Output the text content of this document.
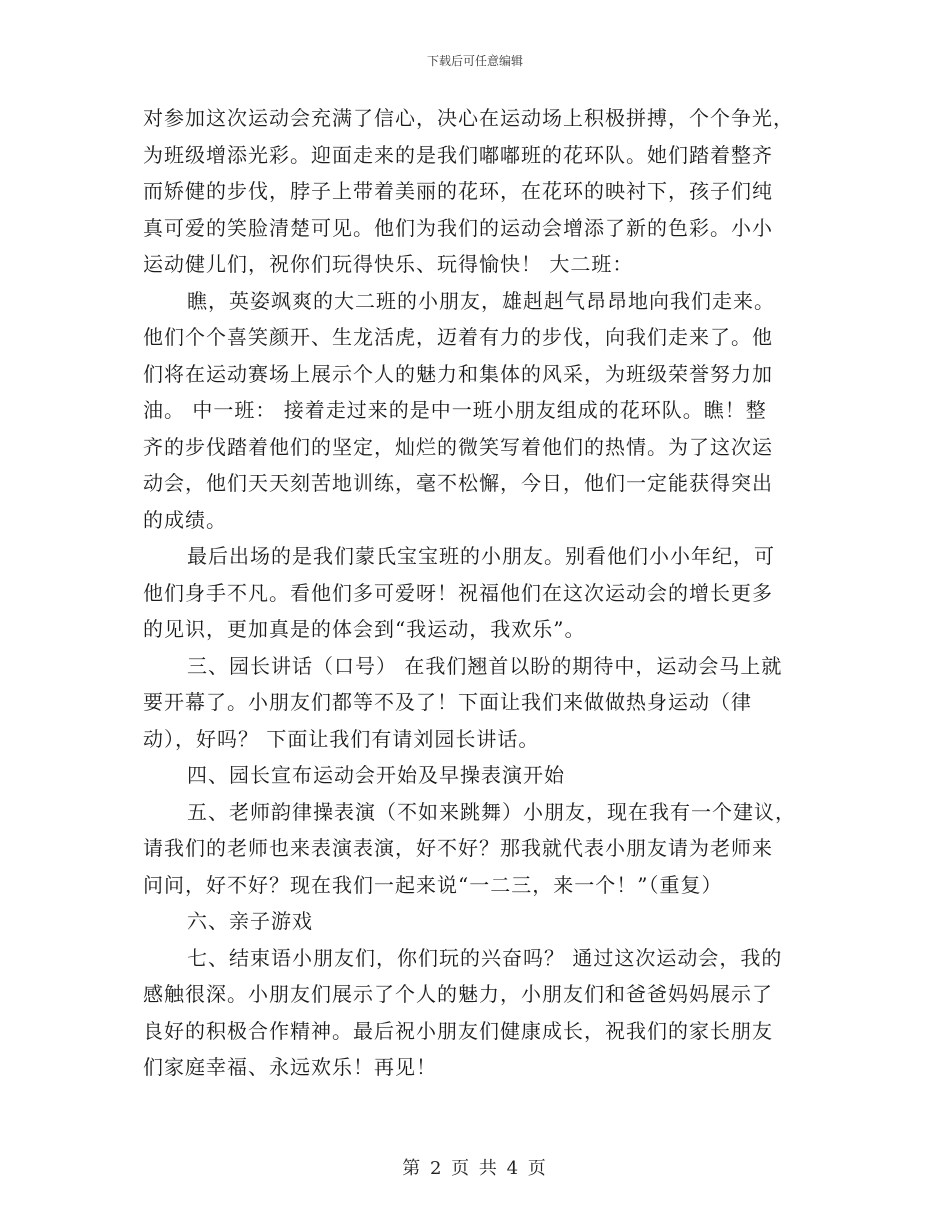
下载后可任意编辑
对参加这次运动会充满了信心，决心在运动场上积极拼搏，个个争光，
为班级增添光彩。迎面走来的是我们嘟嘟班的花环队。她们踏着整齐
而矫健的步伐，脖子上带着美丽的花环，在花环的映衬下，孩子们纯
真可爱的笑脸清楚可见。他们为我们的运动会增添了新的色彩。小小
运动健儿们，祝你们玩得快乐、玩得愉快！ 大二班：
瞧，英姿飒爽的大二班的小朋友，雄赳赳气昂昂地向我们走来。
他们个个喜笑颜开、生龙活虎，迈着有力的步伐，向我们走来了。他
们将在运动赛场上展示个人的魅力和集体的风采，为班级荣誉努力加
油。 中一班： 接着走过来的是中一班小朋友组成的花环队。瞧！整
齐的步伐踏着他们的坚定，灿烂的微笑写着他们的热情。为了这次运
动会，他们天天刻苦地训练，毫不松懈，今日，他们一定能获得突出
的成绩。
最后出场的是我们蒙氏宝宝班的小朋友。别看他们小小年纪，可
他们身手不凡。看他们多可爱呀！祝福他们在这次运动会的增长更多
的见识，更加真是的体会到“我运动，我欢乐”。
三、园长讲话（口号） 在我们翘首以盼的期待中，运动会马上就
要开幕了。小朋友们都等不及了！下面让我们来做做热身运动（律
动），好吗？ 下面让我们有请刘园长讲话。
四、园长宣布运动会开始及早操表演开始
五、老师韵律操表演（不如来跳舞）小朋友，现在我有一个建议，
请我们的老师也来表演表演，好不好？那我就代表小朋友请为老师来
问问，好不好？现在我们一起来说“一二三，来一个！”（重复）
六、亲子游戏
七、结束语小朋友们，你们玩的兴奋吗？ 通过这次运动会，我的
感触很深。小朋友们展示了个人的魅力，小朋友们和爸爸妈妈展示了
良好的积极合作精神。最后祝小朋友们健康成长，祝我们的家长朋友
们家庭幸福、永远欢乐！再见！
第 2 页 共 4 页
